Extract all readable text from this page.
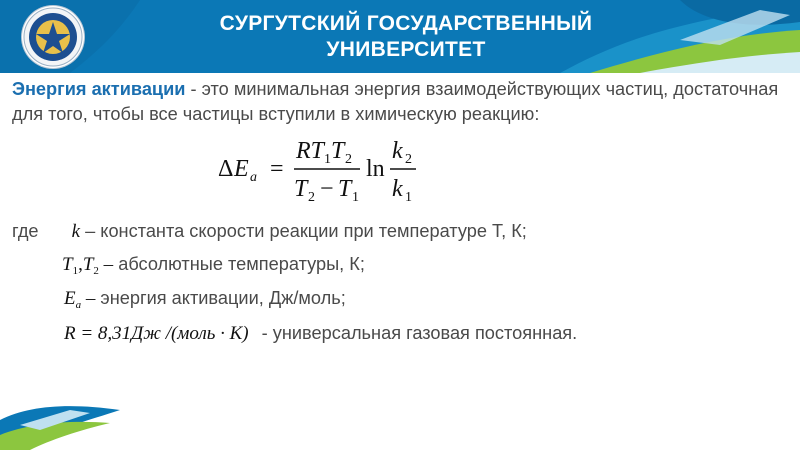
СУРГУТСКИЙ ГОСУДАРСТВЕННЫЙ
УНИВЕРСИТЕТ
Энергия активации - это минимальная энергия взаимодействующих частиц, достаточная для того, чтобы все частицы вступили в химическую реакцию:
Δ E a =
RT 1 T 2
T 2 − T 1
ln
k 2
k 1
где k – константа скорости реакции при температуре Т, К;
$T_1,T_2$ – абсолютные температуры, К;
$E_a$ – энергия активации, Дж/моль;
R = 8,31Дж /(моль · К) - универсальная газовая постоянная.
